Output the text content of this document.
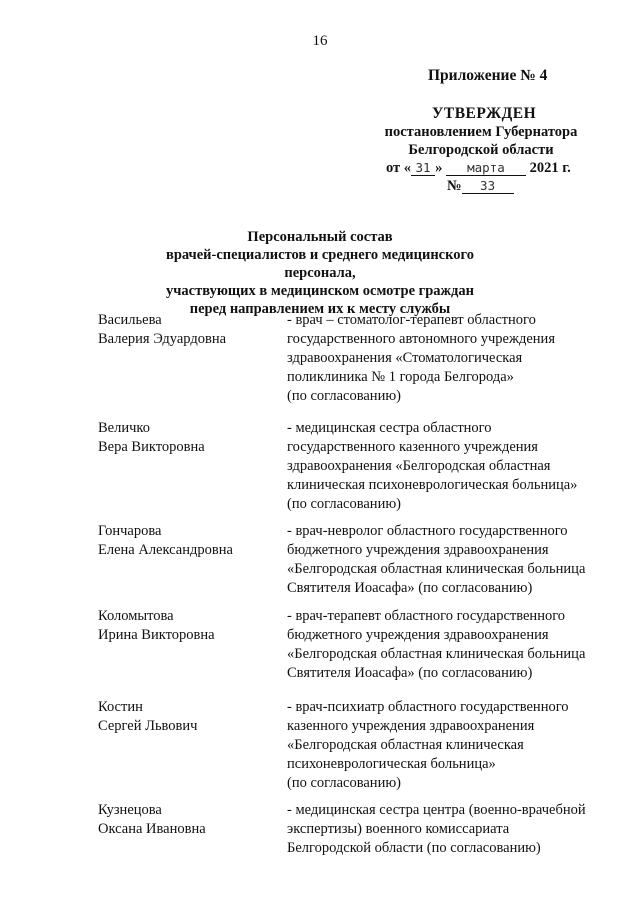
16
Приложение № 4
УТВЕРЖДЕН
постановлением Губернатора
Белгородской области
от « 31 » марта 2021 г.
№ 33
Персональный состав
врачей-специалистов и среднего медицинского персонала,
участвующих в медицинском осмотре граждан
перед направлением их к месту службы
Васильева
Валерия Эдуардовна
- врач – стоматолог-терапевт областного
государственного автономного учреждения
здравоохранения «Стоматологическая
поликлиника № 1 города Белгорода»
(по согласованию)
Величко
Вера Викторовна
- медицинская сестра областного
государственного казенного учреждения
здравоохранения «Белгородская областная
клиническая психоневрологическая больница»
(по согласованию)
Гончарова
Елена Александровна
- врач-невролог областного государственного
бюджетного учреждения здравоохранения
«Белгородская областная клиническая больница
Святителя Иоасафа» (по согласованию)
Коломытова
Ирина Викторовна
- врач-терапевт областного государственного
бюджетного учреждения здравоохранения
«Белгородская областная клиническая больница
Святителя Иоасафа» (по согласованию)
Костин
Сергей Львович
- врач-психиатр областного государственного
казенного учреждения здравоохранения
«Белгородская областная клиническая
психоневрологическая больница»
(по согласованию)
Кузнецова
Оксана Ивановна
- медицинская сестра центра (военно-врачебной
экспертизы) военного комиссариата
Белгородской области (по согласованию)
